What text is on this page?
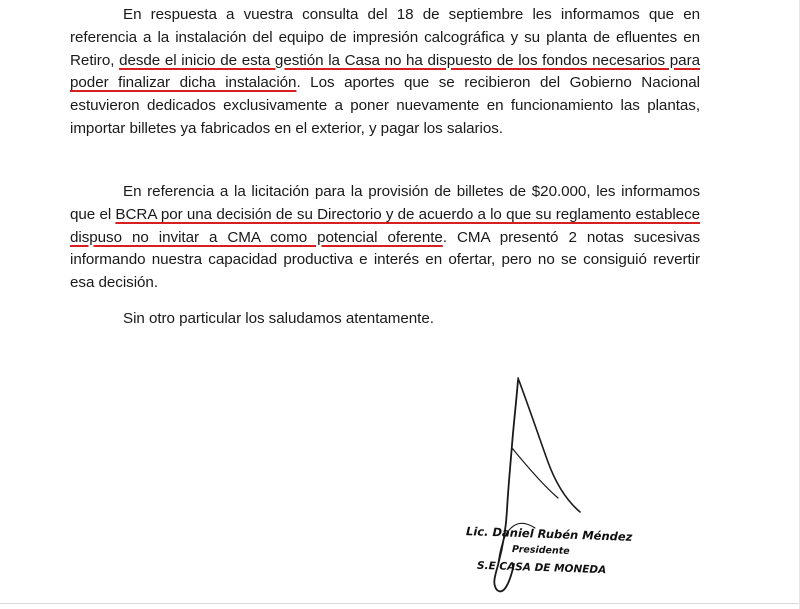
En respuesta a vuestra consulta del 18 de septiembre les informamos que en referencia a la instalación del equipo de impresión calcográfica y su planta de efluentes en Retiro, desde el inicio de esta gestión la Casa no ha dispuesto de los fondos necesarios para poder finalizar dicha instalación. Los aportes que se recibieron del Gobierno Nacional estuvieron dedicados exclusivamente a poner nuevamente en funcionamiento las plantas, importar billetes ya fabricados en el exterior, y pagar los salarios.
En referencia a la licitación para la provisión de billetes de $20.000, les informamos que el BCRA por una decisión de su Directorio y de acuerdo a lo que su reglamento establece dispuso no invitar a CMA como potencial oferente. CMA presentó 2 notas sucesivas informando nuestra capacidad productiva e interés en ofertar, pero no se consiguió revertir esa decisión.
Sin otro particular los saludamos atentamente.
Lic. Daniel Rubén Méndez
Presidente
S.E CASA DE MONEDA
